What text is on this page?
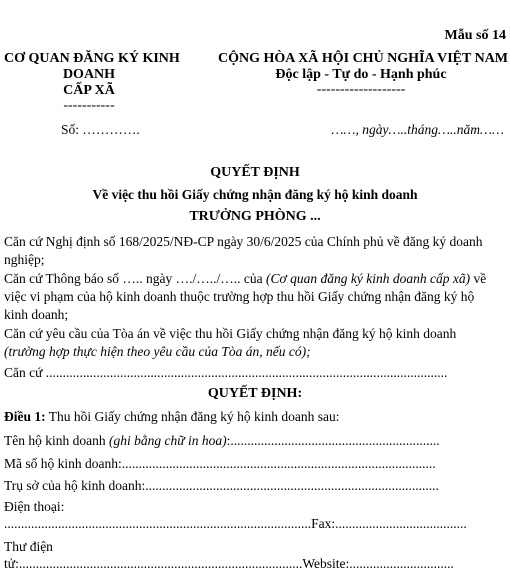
Mẫu số 14
CƠ QUAN ĐĂNG KÝ KINH
DOANH
CẤP XÃ
-----------
CỘNG HÒA XÃ HỘI CHỦ NGHĨA VIỆT NAM
Độc lập - Tự do - Hạnh phúc
-------------------
Số: ………….	……, ngày…..tháng…..năm……
QUYẾT ĐỊNH
Về việc thu hồi Giấy chứng nhận đăng ký hộ kinh doanh
TRƯỞNG PHÒNG ...
Căn cứ Nghị định số 168/2025/NĐ-CP ngày 30/6/2025 của Chính phủ về đăng ký doanh
nghiệp;
Căn cứ Thông báo số ….. ngày …./…../….. của (Cơ quan đăng ký kinh doanh cấp xã) về
việc vi phạm của hộ kinh doanh thuộc trường hợp thu hồi Giấy chứng nhận đăng ký hộ
kinh doanh;
Căn cứ yêu cầu của Tòa án về việc thu hồi Giấy chứng nhận đăng ký hộ kinh doanh
(trường hợp thực hiện theo yêu cầu của Tòa án, nếu có);
Căn cứ .......................................................................................................................
QUYẾT ĐỊNH:
Điều 1: Thu hồi Giấy chứng nhận đăng ký hộ kinh doanh sau:
Tên hộ kinh doanh (ghi bằng chữ in hoa):..............................................................
Mã số hộ kinh doanh:.............................................................................................
Trụ sở của hộ kinh doanh:.......................................................................................
Điện thoại:
...........................................................................................Fax:.......................................
Thư điện
tử:....................................................................................Website:...............................
